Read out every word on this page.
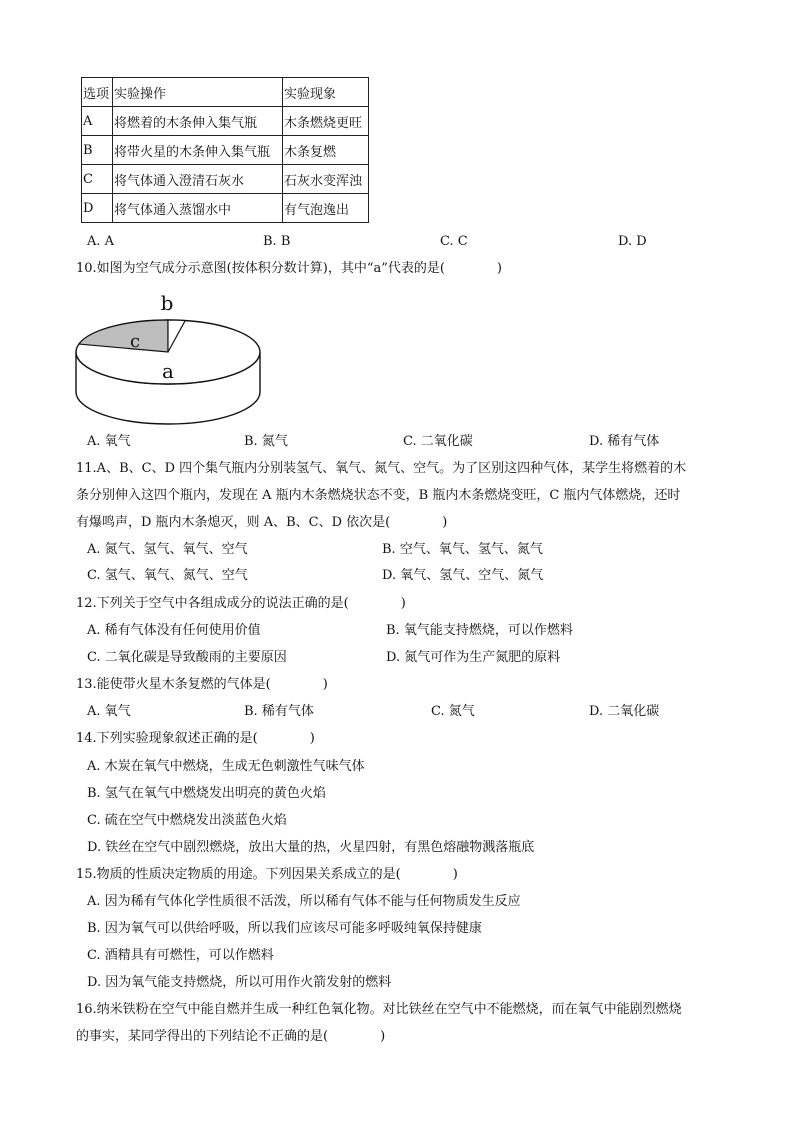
选项	实验操作	实验现象
A	将燃着的木条伸入集气瓶	木条燃烧更旺
B	将带火星的木条伸入集气瓶	木条复燃
C	将气体通入澄清石灰水	石灰水变浑浊
D	将气体通入蒸馏水中	有气泡逸出
A. A	B. B	C. C	D. D
10.如图为空气成分示意图(按体积分数计算)，其中“a”代表的是(　　　　)
a
b
c
A. 氧气	B. 氮气	C. 二氧化碳	D. 稀有气体
11.A、B、C、D 四个集气瓶内分别装氢气、氧气、氮气、空气。为了区别这四种气体，某学生将燃着的木
条分别伸入这四个瓶内，发现在 A 瓶内木条燃烧状态不变，B 瓶内木条燃烧变旺，C 瓶内气体燃烧，还时
有爆鸣声，D 瓶内木条熄灭，则 A、B、C、D 依次是(　　　　)
A. 氮气、氢气、氧气、空气	B. 空气、氧气、氢气、氮气
C. 氢气、氧气、氮气、空气	D. 氧气、氢气、空气、氮气
12.下列关于空气中各组成成分的说法正确的是(　　　　)
A. 稀有气体没有任何使用价值	B. 氧气能支持燃烧，可以作燃料
C. 二氧化碳是导致酸雨的主要原因	D. 氮气可作为生产氮肥的原料
13.能使带火星木条复燃的气体是(　　　　)
A. 氧气	B. 稀有气体	C. 氮气	D. 二氧化碳
14.下列实验现象叙述正确的是(　　　　)
A. 木炭在氧气中燃烧，生成无色刺激性气味气体
B. 氢气在氧气中燃烧发出明亮的黄色火焰
C. 硫在空气中燃烧发出淡蓝色火焰
D. 铁丝在空气中剧烈燃烧，放出大量的热，火星四射，有黑色熔融物溅落瓶底
15.物质的性质决定物质的用途。下列因果关系成立的是(　　　　)
A. 因为稀有气体化学性质很不活泼，所以稀有气体不能与任何物质发生反应
B. 因为氧气可以供给呼吸，所以我们应该尽可能多呼吸纯氧保持健康
C. 酒精具有可燃性，可以作燃料
D. 因为氧气能支持燃烧，所以可用作火箭发射的燃料
16.纳米铁粉在空气中能自燃并生成一种红色氧化物。对比铁丝在空气中不能燃烧，而在氧气中能剧烈燃烧
的事实，某同学得出的下列结论不正确的是(　　　　)
